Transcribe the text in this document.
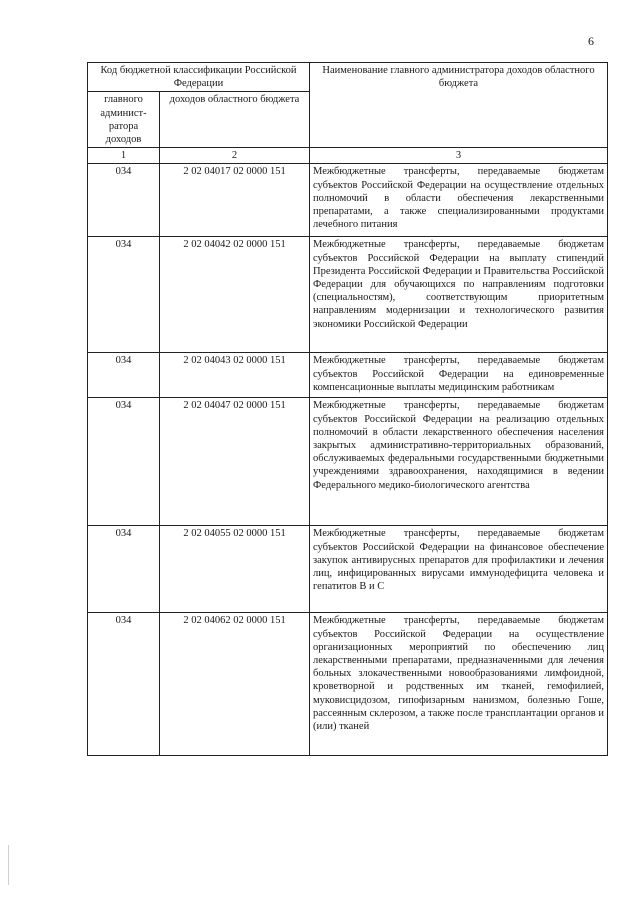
6
Код бюджетной классификации Российской Федерации		Наименование главного администратора доходов областного бюджета
главного админист-ратора доходов	доходов областного бюджета	
1	2	3
034	2 02 04017 02 0000 151	Межбюджетные трансферты, передаваемые бюджетам субъектов Российской Федерации на осуществление отдельных полномочий в области обеспечения лекарственными препаратами, а также специализированными продуктами лечебного питания
034	2 02 04042 02 0000 151	Межбюджетные трансферты, передаваемые бюджетам субъектов Российской Федерации на выплату стипендий Президента Российской Федерации и Правительства Российской Федерации для обучающихся по направлениям подготовки (специальностям), соответствующим приоритетным направлениям модернизации и технологического развития экономики Российской Федерации
034	2 02 04043 02 0000 151	Межбюджетные трансферты, передаваемые бюджетам субъектов Российской Федерации на единовременные компенсационные выплаты медицинским работникам
034	2 02 04047 02 0000 151	Межбюджетные трансферты, передаваемые бюджетам субъектов Российской Федерации на реализацию отдельных полномочий в области лекарственного обеспечения населения закрытых административно-территориальных образований, обслуживаемых федеральными государственными бюджетными учреждениями здравоохранения, находящимися в ведении Федерального медико-биологического агентства
034	2 02 04055 02 0000 151	Межбюджетные трансферты, передаваемые бюджетам субъектов Российской Федерации на финансовое обеспечение закупок антивирусных препаратов для профилактики и лечения лиц, инфицированных вирусами иммунодефицита человека и гепатитов B и C
034	2 02 04062 02 0000 151	Межбюджетные трансферты, передаваемые бюджетам субъектов Российской Федерации на осуществление организационных мероприятий по обеспечению лиц лекарственными препаратами, предназначенными для лечения больных злокачественными новообразованиями лимфоидной, кроветворной и родственных им тканей, гемофилией, муковисцидозом, гипофизарным нанизмом, болезнью Гоше, рассеянным склерозом, а также после трансплантации органов и (или) тканей
